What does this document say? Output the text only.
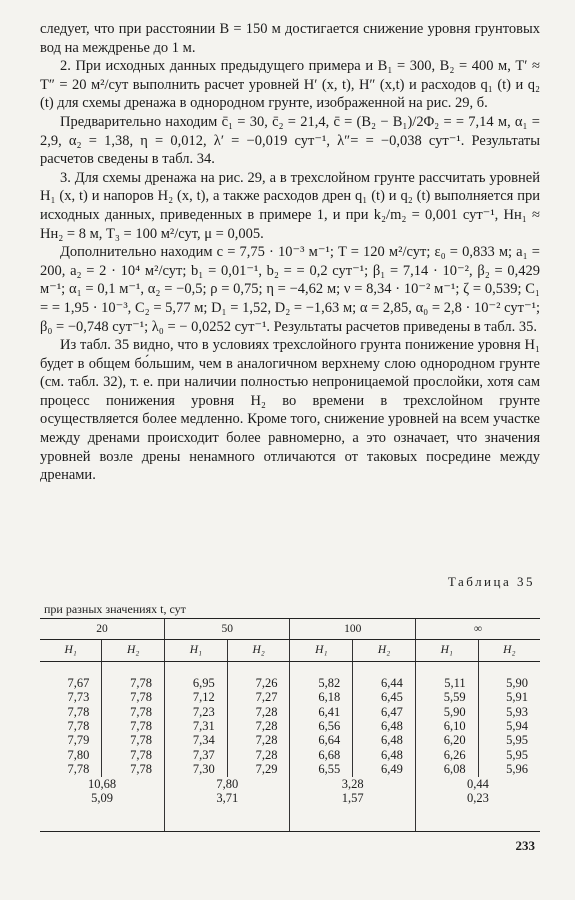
следует, что при расстоянии B = 150 м достигается снижение уровня грунтовых вод на междренье до 1 м.

2. При исходных данных предыдущего примера и B₁ = 300, B₂ = 400 м, T′ ≈ T″ = 20 м²/сут выполнить расчет уровней H′ (x, t), H″ (x,t) и расходов q₁ (t) и q₂ (t) для схемы дренажа в однородном грунте, изображенной на рис. 29, б.

Предварительно находим c̄₁ = 30, c̄₂ = 21,4, c̄ = (B₂ − B₁)/2Φ₂ = = 7,14 м, α₁ = 2,9, α₂ = 1,38, η = 0,012, λ′ = −0,019 сут⁻¹, λ″= = −0,038 сут⁻¹. Результаты расчетов сведены в табл. 34.

3. Для схемы дренажа на рис. 29, а в трехслойном грунте рассчитать уровней H₁ (x, t) и напоров H₂ (x, t), а также расходов дрен q₁ (t) и q₂ (t) выполняется при исходных данных, приведенных в примере 1, и при k₂/m₂ = 0,001 сут⁻¹, Hн₁ ≈ Hн₂ = 8 м, T₃ = 100 м²/сут, μ = 0,005.

Дополнительно находим c = 7,75 · 10⁻³ м⁻¹; T = 120 м²/сут; ε₀ = 0,833 м; a₁ = 200, a₂ = 2 · 10⁴ м²/сут; b₁ = 0,01⁻¹, b₂ = = 0,2 сут⁻¹; β₁ = 7,14 · 10⁻², β₂ = 0,429 м⁻¹; α₁ = 0,1 м⁻¹, α₂ = −0,5; ρ = 0,75; η = −4,62 м; ν = 8,34 · 10⁻² м⁻¹; ζ = 0,539; C₁ = = 1,95 · 10⁻³, C₂ = 5,77 м; D₁ = 1,52, D₂ = −1,63 м; α = 2,85, α₀ = 2,8 · 10⁻² сут⁻¹; β₀ = −0,748 сут⁻¹; λ₀ = − 0,0252 сут⁻¹. Результаты расчетов приведены в табл. 35.

Из табл. 35 видно, что в условиях трехслойного грунта понижение уровня H₁ будет в общем бо́льшим, чем в аналогичном верхнему слою однородном грунте (см. табл. 32), т. е. при наличии полностью непроницаемой прослойки, хотя сам процесс понижения уровня H₂ во времени в трехслойном грунте осуществляется более медленно. Кроме того, снижение уровней на всем участке между дренами происходит более равномерно, а это означает, что значения уровней возле дрены ненамного отличаются от таковых посредине между дренами.

Таблица 35
при разных значениях t, сут
20		50		100		∞	
H₁	H₂	H₁	H₂	H₁	H₂	H₁	H₂
7,67	7,78	6,95	7,26	5,82	6,44	5,11	5,90
7,73	7,78	7,12	7,27	6,18	6,45	5,59	5,91
7,78	7,78	7,23	7,28	6,41	6,47	5,90	5,93
7,78	7,78	7,31	7,28	6,56	6,48	6,10	5,94
7,79	7,78	7,34	7,28	6,64	6,48	6,20	5,95
7,80	7,78	7,37	7,28	6,68	6,48	6,26	5,95
7,78	7,78	7,30	7,29	6,55	6,49	6,08	5,96
10,68		7,80		3,28		0,44	
5,09		3,71		1,57		0,23	
233
